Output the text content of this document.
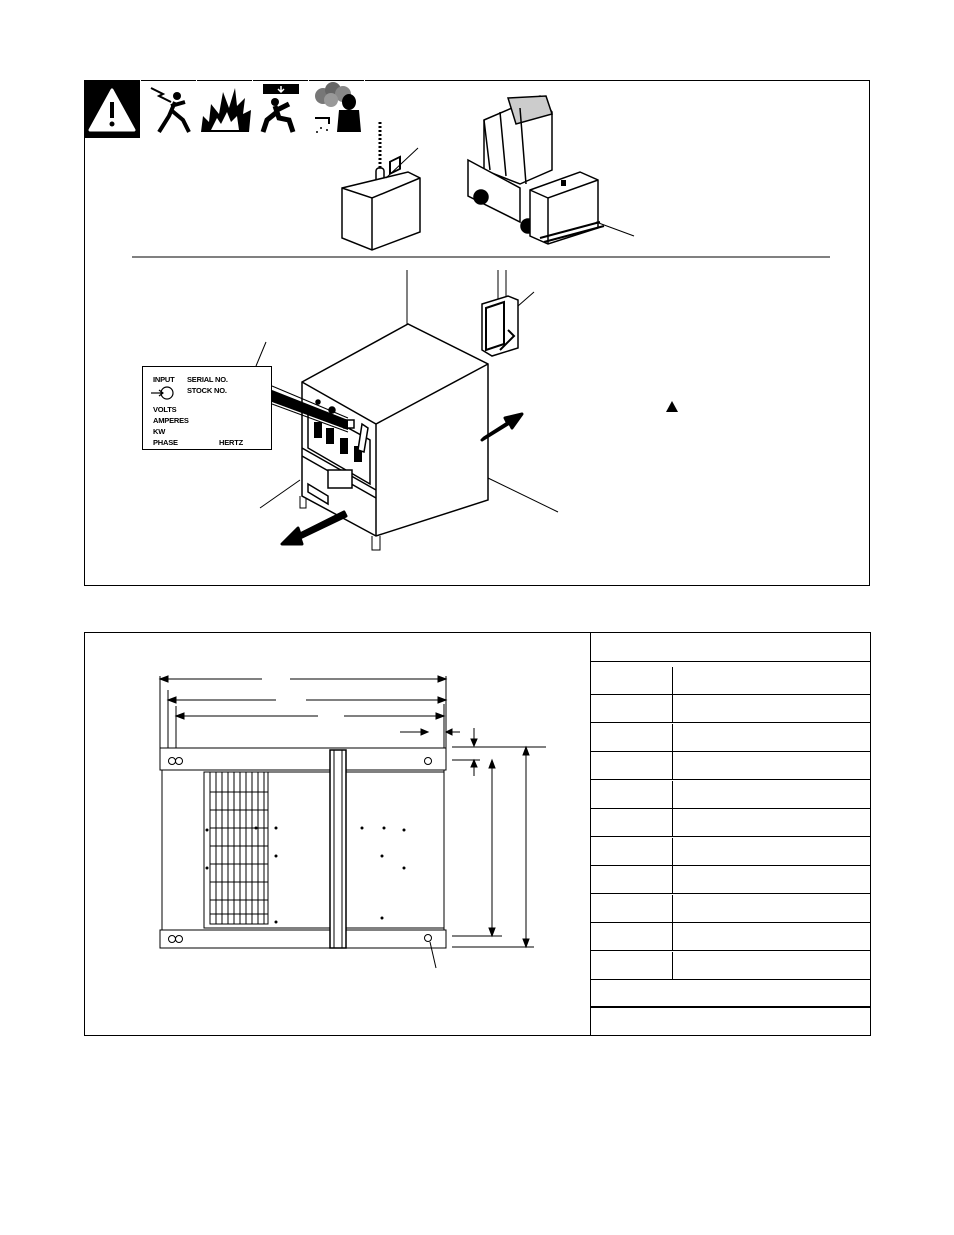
INPUT SERIAL NO.
STOCK NO.
VOLTS
AMPERES
KW
PHASE	HERTZ
